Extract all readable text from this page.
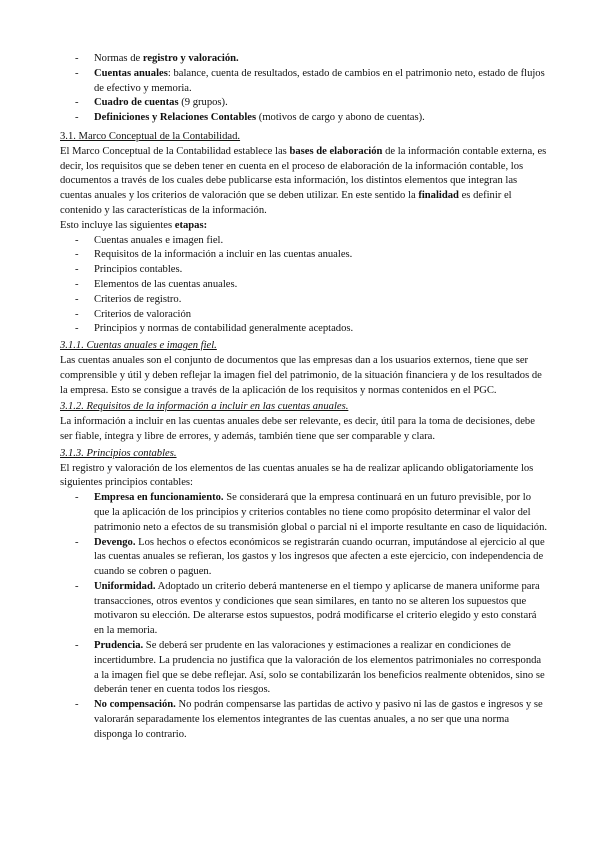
- Normas de registro y valoración.
- Cuentas anuales: balance, cuenta de resultados, estado de cambios en el patrimonio neto, estado de flujos de efectivo y memoria.
- Cuadro de cuentas (9 grupos).
- Definiciones y Relaciones Contables (motivos de cargo y abono de cuentas).
3.1. Marco Conceptual de la Contabilidad.

El Marco Conceptual de la Contabilidad establece las bases de elaboración de la información contable externa, es decir, los requisitos que se deben tener en cuenta en el proceso de elaboración de la información contable, los documentos a través de los cuales debe publicarse esta información, los distintos elementos que integran las cuentas anuales y los criterios de valoración que se deben utilizar. En este sentido la finalidad es definir el contenido y las características de la información.

Esto incluye las siguientes etapas:

- Cuentas anuales e imagen fiel.
- Requisitos de la información a incluir en las cuentas anuales.
- Principios contables.
- Elementos de las cuentas anuales.
- Criterios de registro.
- Criterios de valoración
- Principios y normas de contabilidad generalmente aceptados.
3.1.1. Cuentas anuales e imagen fiel.

Las cuentas anuales son el conjunto de documentos que las empresas dan a los usuarios externos, tiene que ser comprensible y útil y deben reflejar la imagen fiel del patrimonio, de la situación financiera y de los resultados de la empresa. Esto se consigue a través de la aplicación de los requisitos y normas contenidos en el PGC.

3.1.2. Requisitos de la información a incluir en las cuentas anuales.

La información a incluir en las cuentas anuales debe ser relevante, es decir, útil para la toma de decisiones, debe ser fiable, íntegra y libre de errores, y además, también tiene que ser comparable y clara.

3.1.3. Principios contables.

El registro y valoración de los elementos de las cuentas anuales se ha de realizar aplicando obligatoriamente los siguientes principios contables:

- Empresa en funcionamiento. Se considerará que la empresa continuará en un futuro previsible, por lo que la aplicación de los principios y criterios contables no tiene como propósito determinar el valor del patrimonio neto a efectos de su transmisión global o parcial ni el importe resultante en caso de liquidación.
- Devengo. Los hechos o efectos económicos se registrarán cuando ocurran, imputándose al ejercicio al que las cuentas anuales se refieran, los gastos y los ingresos que afecten a este ejercicio, con independencia de cuando se cobren o paguen.
- Uniformidad. Adoptado un criterio deberá mantenerse en el tiempo y aplicarse de manera uniforme para transacciones, otros eventos y condiciones que sean similares, en tanto no se alteren los supuestos que motivaron su elección. De alterarse estos supuestos, podrá modificarse el criterio elegido y esto constará en la memoria.
- Prudencia. Se deberá ser prudente en las valoraciones y estimaciones a realizar en condiciones de incertidumbre. La prudencia no justifica que la valoración de los elementos patrimoniales no corresponda a la imagen fiel que se debe reflejar. Así, solo se contabilizarán los beneficios realmente obtenidos, sino se deberán tener en cuenta todos los riesgos.
- No compensación. No podrán compensarse las partidas de activo y pasivo ni las de gastos e ingresos y se valorarán separadamente los elementos integrantes de las cuentas anuales, a no ser que una norma disponga lo contrario.
